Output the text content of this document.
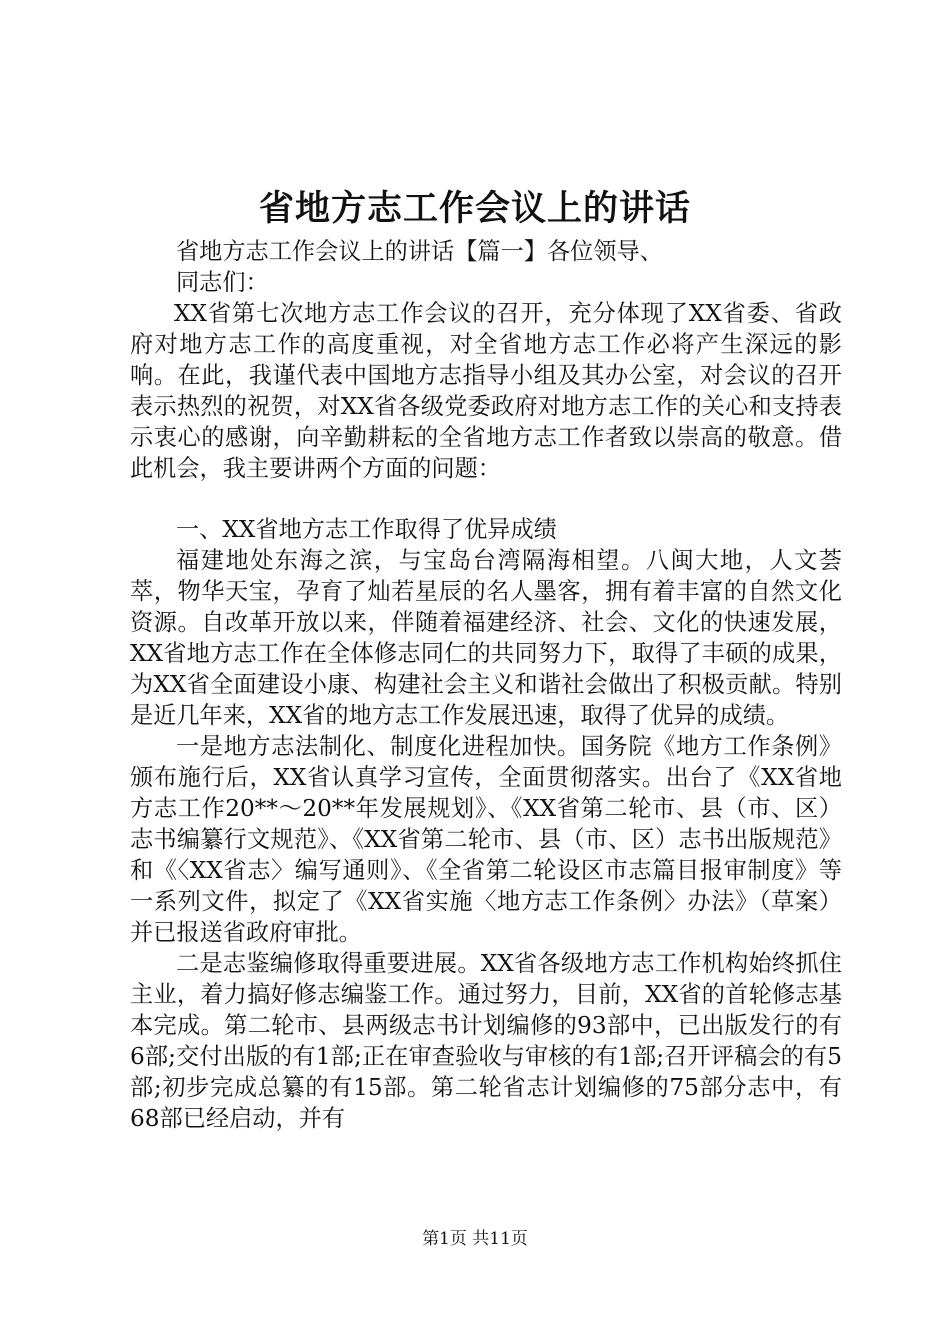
省地方志工作会议上的讲话

省地方志工作会议上的讲话【篇一】各位领导、

同志们：

XX省第七次地方志工作会议的召开，充分体现了XX省委、省政府对地方志工作的高度重视，对全省地方志工作必将产生深远的影响。在此，我谨代表中国地方志指导小组及其办公室，对会议的召开表示热烈的祝贺，对XX省各级党委政府对地方志工作的关心和支持表示衷心的感谢，向辛勤耕耘的全省地方志工作者致以崇高的敬意。借此机会，我主要讲两个方面的问题：

一、XX省地方志工作取得了优异成绩

福建地处东海之滨，与宝岛台湾隔海相望。八闽大地，人文荟萃，物华天宝，孕育了灿若星辰的名人墨客，拥有着丰富的自然文化资源。自改革开放以来，伴随着福建经济、社会、文化的快速发展，XX省地方志工作在全体修志同仁的共同努力下，取得了丰硕的成果，为XX省全面建设小康、构建社会主义和谐社会做出了积极贡献。特别是近几年来，XX省的地方志工作发展迅速，取得了优异的成绩。

一是地方志法制化、制度化进程加快。国务院《地方工作条例》颁布施行后，XX省认真学习宣传，全面贯彻落实。出台了《XX省地方志工作20**～20**年发展规划》、《XX省第二轮市、县（市、区）志书编纂行文规范》、《XX省第二轮市、县（市、区）志书出版规范》和《〈XX省志〉编写通则》、《全省第二轮设区市志篇目报审制度》等一系列文件，拟定了《XX省实施〈地方志工作条例〉办法》（草案）并已报送省政府审批。

二是志鉴编修取得重要进展。XX省各级地方志工作机构始终抓住主业，着力搞好修志编鉴工作。通过努力，目前，XX省的首轮修志基本完成。第二轮市、县两级志书计划编修的93部中，已出版发行的有6部;交付出版的有1部;正在审查验收与审核的有1部;召开评稿会的有5部;初步完成总纂的有15部。第二轮省志计划编修的75部分志中，有68部已经启动，并有

第1页 共11页
